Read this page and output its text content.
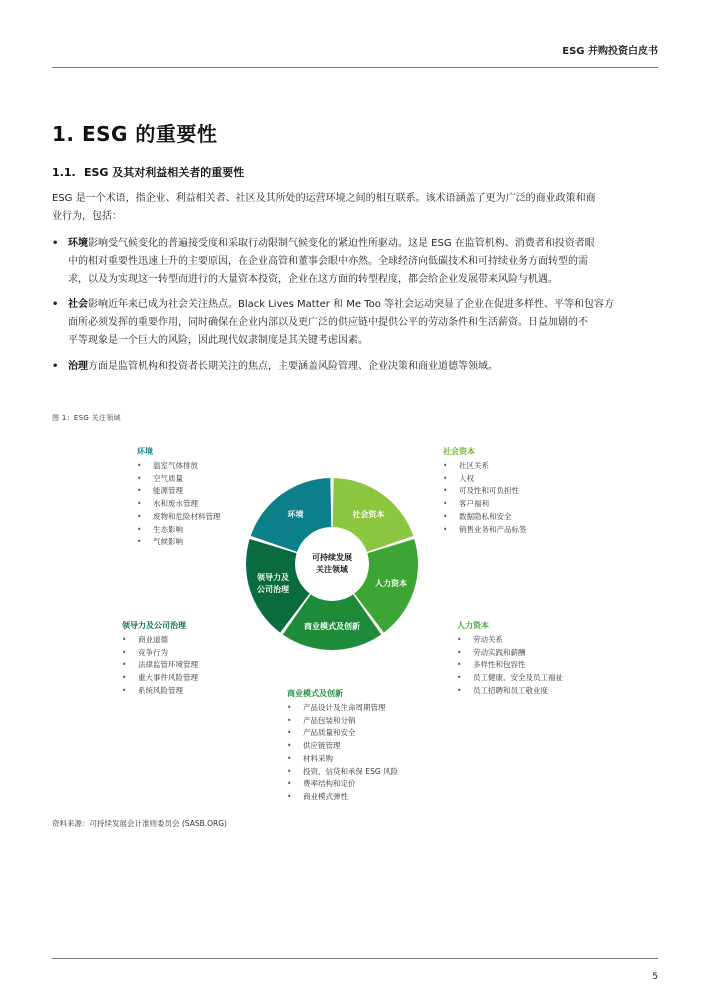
ESG 并购投资白皮书
1. ESG 的重要性
1.1. ESG 及其对利益相关者的重要性
ESG 是一个术语，指企业、利益相关者、社区及其所处的运营环境之间的相互联系。该术语涵盖了更为广泛的商业政策和商
业行为，包括：
• 环境影响受气候变化的普遍接受度和采取行动限制气候变化的紧迫性所驱动。这是 ESG 在监管机构、消费者和投资者眼
中的相对重要性迅速上升的主要原因，在企业高管和董事会眼中亦然。全球经济向低碳技术和可持续业务方面转型的需
求，以及为实现这一转型而进行的大量资本投资，企业在这方面的转型程度，都会给企业发展带来风险与机遇。
• 社会影响近年来已成为社会关注热点。Black Lives Matter 和 Me Too 等社会运动突显了企业在促进多样性、平等和包容方
面所必须发挥的重要作用，同时确保在企业内部以及更广泛的供应链中提供公平的劳动条件和生活薪资。日益加剧的不
平等现象是一个巨大的风险，因此现代奴隶制度是其关键考虑因素。
• 治理方面是监管机构和投资者长期关注的焦点，主要涵盖风险管理、企业决策和商业道德等领域。
图 1：ESG 关注领域
可持续发展
关注领域
环境	社会资本
人力资本
商业模式及创新
领导力及
公司治理
环境
• 温室气体排放
• 空气质量
• 能源管理
• 水和废水管理
• 废物和危险材料管理
• 生态影响
• 气候影响
社会资本
• 社区关系
• 人权
• 可及性和可负担性
• 客户福利
• 数据隐私和安全
• 销售业务和产品标签
领导力及公司治理
• 商业道德
• 竞争行为
• 法律监管环境管理
• 重大事件风险管理
• 系统风险管理
人力资本
• 劳动关系
• 劳动实践和薪酬
• 多样性和包容性
• 员工健康、安全及员工福祉
• 员工招聘和员工敬业度
商业模式及创新
• 产品设计及生命周期管理
• 产品包装和分销
• 产品质量和安全
• 供应链管理
• 材料采购
• 投资、信贷和承保 ESG 风险
• 费率结构和定价
• 商业模式弹性
资料来源：可持续发展会计准则委员会 (SASB.ORG)
5
